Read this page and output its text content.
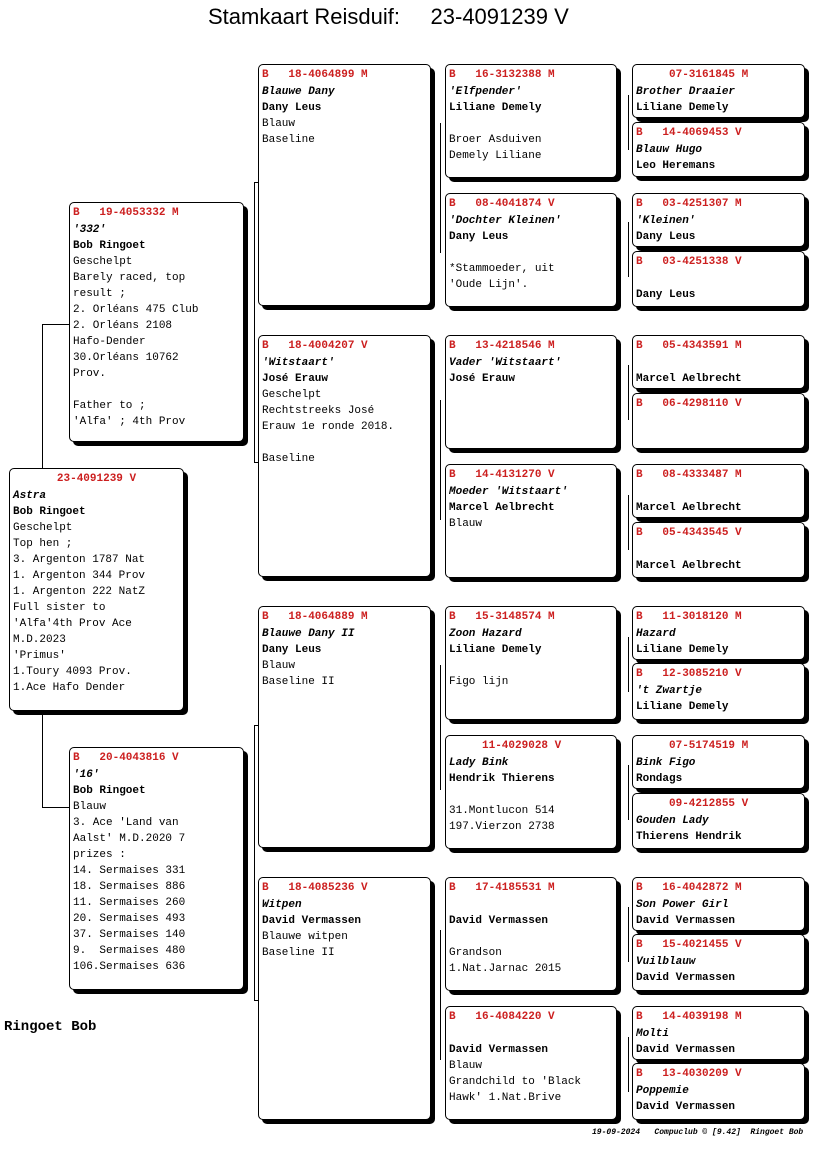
Stamkaart Reisduif:     23-4091239 V
23-4091239 V
Astra
Bob Ringoet
Geschelpt
Top hen ;
3. Argenton 1787 Nat
1. Argenton 344 Prov
1. Argenton 222 NatZ
Full sister to
'Alfa'4th Prov Ace
M.D.2023
'Primus'
1.Toury 4093 Prov.
1.Ace Hafo Dender
B   19-4053332 M
'332'
Bob Ringoet
Geschelpt
Barely raced, top
result ;
2. Orléans 475 Club
2. Orléans 2108
Hafo-Dender
30.Orléans 10762
Prov.
Father to ;
'Alfa' ; 4th Prov
B   20-4043816 V
'16'
Bob Ringoet
Blauw
3. Ace 'Land van
Aalst' M.D.2020 7
prizes :
14. Sermaises 331
18. Sermaises 886
11. Sermaises 260
20. Sermaises 493
37. Sermaises 140
9.  Sermaises 480
106.Sermaises 636
B   18-4064899 M
Blauwe Dany
Dany Leus
Blauw
Baseline
B   18-4004207 V
'Witstaart'
José Erauw
Geschelpt
Rechtstreeks José
Erauw 1e ronde 2018.
Baseline
B   18-4064889 M
Blauwe Dany II
Dany Leus
Blauw
Baseline II
B   18-4085236 V
Witpen
David Vermassen
Blauwe witpen
Baseline II
B   16-3132388 M
'Elfpender'
Liliane Demely
Broer Asduiven
Demely Liliane
B   08-4041874 V
'Dochter Kleinen'
Dany Leus
*Stammoeder, uit
'Oude Lijn'.
B   13-4218546 M
Vader 'Witstaart'
José Erauw
B   14-4131270 V
Moeder 'Witstaart'
Marcel Aelbrecht
Blauw
B   15-3148574 M
Zoon Hazard
Liliane Demely
Figo lijn
11-4029028 V
Lady Bink
Hendrik Thierens
31.Montlucon 514
197.Vierzon 2738
B   17-4185531 M
David Vermassen
Grandson
1.Nat.Jarnac 2015
B   16-4084220 V
David Vermassen
Blauw
Grandchild to 'Black
Hawk' 1.Nat.Brive
07-3161845 M
Brother Draaier
Liliane Demely
B   14-4069453 V
Blauw Hugo
Leo Heremans
B   03-4251307 M
'Kleinen'
Dany Leus
B   03-4251338 V
Dany Leus
B   05-4343591 M
Marcel Aelbrecht
B   06-4298110 V
B   08-4333487 M
Marcel Aelbrecht
B   05-4343545 V
Marcel Aelbrecht
B   11-3018120 M
Hazard
Liliane Demely
B   12-3085210 V
't Zwartje
Liliane Demely
07-5174519 M
Bink Figo
Rondags
09-4212855 V
Gouden Lady
Thierens Hendrik
B   16-4042872 M
Son Power Girl
David Vermassen
B   15-4021455 V
Vuilblauw
David Vermassen
B   14-4039198 M
Molti
David Vermassen
B   13-4030209 V
Poppemie
David Vermassen
Ringoet Bob
19-09-2024   Compuclub © [9.42]  Ringoet Bob
